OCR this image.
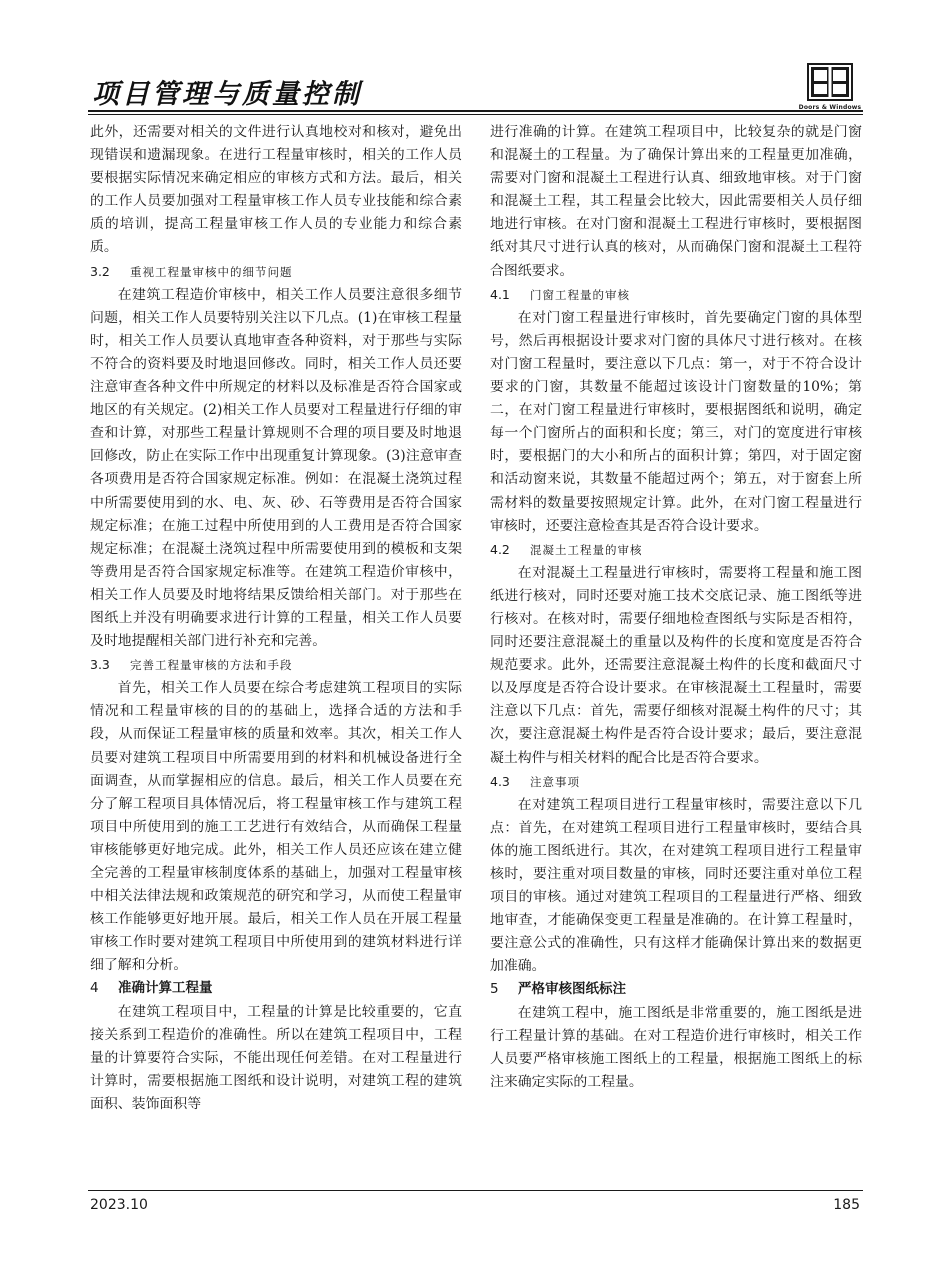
项目管理与质量控制	Doors & Windows

此外，还需要对相关的文件进行认真地校对和核对，避免出现错误和遗漏现象。在进行工程量审核时，相关的工作人员要根据实际情况来确定相应的审核方式和方法。最后，相关的工作人员要加强对工程量审核工作人员专业技能和综合素质的培训，提高工程量审核工作人员的专业能力和综合素质。

3.2 重视工程量审核中的细节问题

在建筑工程造价审核中，相关工作人员要注意很多细节问题，相关工作人员要特别关注以下几点。(1)在审核工程量时，相关工作人员要认真地审查各种资料，对于那些与实际不符合的资料要及时地退回修改。同时，相关工作人员还要注意审查各种文件中所规定的材料以及标准是否符合国家或地区的有关规定。(2)相关工作人员要对工程量进行仔细的审查和计算，对那些工程量计算规则不合理的项目要及时地退回修改，防止在实际工作中出现重复计算现象。(3)注意审查各项费用是否符合国家规定标准。例如：在混凝土浇筑过程中所需要使用到的水、电、灰、砂、石等费用是否符合国家规定标准；在施工过程中所使用到的人工费用是否符合国家规定标准；在混凝土浇筑过程中所需要使用到的模板和支架等费用是否符合国家规定标准等。在建筑工程造价审核中，相关工作人员要及时地将结果反馈给相关部门。对于那些在图纸上并没有明确要求进行计算的工程量，相关工作人员要及时地提醒相关部门进行补充和完善。

3.3 完善工程量审核的方法和手段

首先，相关工作人员要在综合考虑建筑工程项目的实际情况和工程量审核的目的的基础上，选择合适的方法和手段，从而保证工程量审核的质量和效率。其次，相关工作人员要对建筑工程项目中所需要用到的材料和机械设备进行全面调查，从而掌握相应的信息。最后，相关工作人员要在充分了解工程项目具体情况后，将工程量审核工作与建筑工程项目中所使用到的施工工艺进行有效结合，从而确保工程量审核能够更好地完成。此外，相关工作人员还应该在建立健全完善的工程量审核制度体系的基础上，加强对工程量审核中相关法律法规和政策规范的研究和学习，从而使工程量审核工作能够更好地开展。最后，相关工作人员在开展工程量审核工作时要对建筑工程项目中所使用到的建筑材料进行详细了解和分析。

4 准确计算工程量

在建筑工程项目中，工程量的计算是比较重要的，它直接关系到工程造价的准确性。所以在建筑工程项目中，工程量的计算要符合实际，不能出现任何差错。在对工程量进行计算时，需要根据施工图纸和设计说明，对建筑工程的建筑面积、装饰面积等

进行准确的计算。在建筑工程项目中，比较复杂的就是门窗和混凝土的工程量。为了确保计算出来的工程量更加准确，需要对门窗和混凝土工程进行认真、细致地审核。对于门窗和混凝土工程，其工程量会比较大，因此需要相关人员仔细地进行审核。在对门窗和混凝土工程进行审核时，要根据图纸对其尺寸进行认真的核对，从而确保门窗和混凝土工程符合图纸要求。

4.1 门窗工程量的审核

在对门窗工程量进行审核时，首先要确定门窗的具体型号，然后再根据设计要求对门窗的具体尺寸进行核对。在核对门窗工程量时，要注意以下几点：第一，对于不符合设计要求的门窗，其数量不能超过该设计门窗数量的10%；第二，在对门窗工程量进行审核时，要根据图纸和说明，确定每一个门窗所占的面积和长度；第三，对门的宽度进行审核时，要根据门的大小和所占的面积计算；第四，对于固定窗和活动窗来说，其数量不能超过两个；第五，对于窗套上所需材料的数量要按照规定计算。此外，在对门窗工程量进行审核时，还要注意检查其是否符合设计要求。

4.2 混凝土工程量的审核

在对混凝土工程量进行审核时，需要将工程量和施工图纸进行核对，同时还要对施工技术交底记录、施工图纸等进行核对。在核对时，需要仔细地检查图纸与实际是否相符，同时还要注意混凝土的重量以及构件的长度和宽度是否符合规范要求。此外，还需要注意混凝土构件的长度和截面尺寸以及厚度是否符合设计要求。在审核混凝土工程量时，需要注意以下几点：首先，需要仔细核对混凝土构件的尺寸；其次，要注意混凝土构件是否符合设计要求；最后，要注意混凝土构件与相关材料的配合比是否符合要求。

4.3 注意事项

在对建筑工程项目进行工程量审核时，需要注意以下几点：首先，在对建筑工程项目进行工程量审核时，要结合具体的施工图纸进行。其次，在对建筑工程项目进行工程量审核时，要注重对项目数量的审核，同时还要注重对单位工程项目的审核。通过对建筑工程项目的工程量进行严格、细致地审查，才能确保变更工程量是准确的。在计算工程量时，要注意公式的准确性，只有这样才能确保计算出来的数据更加准确。

5 严格审核图纸标注

在建筑工程中，施工图纸是非常重要的，施工图纸是进行工程量计算的基础。在对工程造价进行审核时，相关工作人员要严格审核施工图纸上的工程量，根据施工图纸上的标注来确定实际的工程量。

2023.10	185
